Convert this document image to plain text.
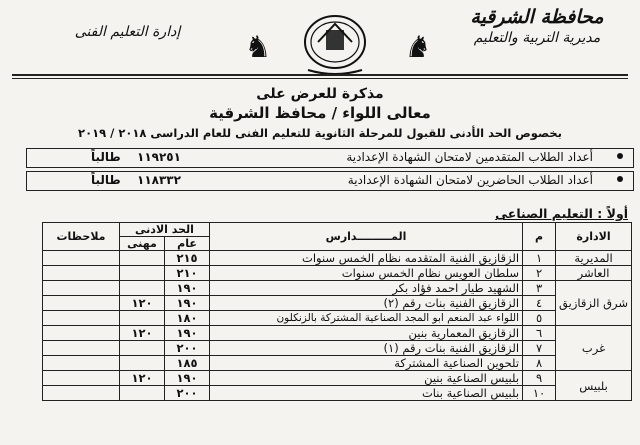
محافظة الشرقية
مديرية التربية والتعليم
إدارة التعليم الفنى	♞	♞
مذكرة للعرض على
معالى اللواء / محافظ الشرقية
بخصوص الحد الأدنى للقبول للمرحلة الثانوية للتعليم الفنى للعام الدراسى ٢٠١٨ / ٢٠١٩
أعداد الطلاب المتقدمين لامتحان الشهادة الإعدادية
١١٩٢٥١
طالباً
أعداد الطلاب الحاضرين لامتحان الشهادة الإعدادية
١١٨٣٣٢
طالباً
أولاً : التعليم الصناعى
الادارة	م	المـــــــــدارس	الحد الادنى		ملاحظات
			عام	مهنى	
المديرية	١	الزقازيق الفنية المتقدمه نظام الخمس سنوات	٢١٥		
العاشر	٢	سلطان العويس نظام الخمس سنوات	٢١٠		
شرق الزقازيق	٣	الشهيد طيار احمد فؤاد بكر	١٩٠		
	٤	الزقازيق الفنية بنات رقم (٢)	١٩٠	١٢٠	
	٥	اللواء عبد المنعم ابو المجد الصناعية المشتركة بالزنكلون	١٨٠		
غرب	٦	الزقازيق المعمارية بنين	١٩٠	١٢٠	
	٧	الزقازيق الفنية بنات رقم (١)	٢٠٠		
	٨	تلحوين الصناعية المشتركة	١٨٥		
بلبيس	٩	بلبيس الصناعية بنين	١٩٠	١٢٠	
	١٠	بلبيس الصناعية بنات	٢٠٠		
